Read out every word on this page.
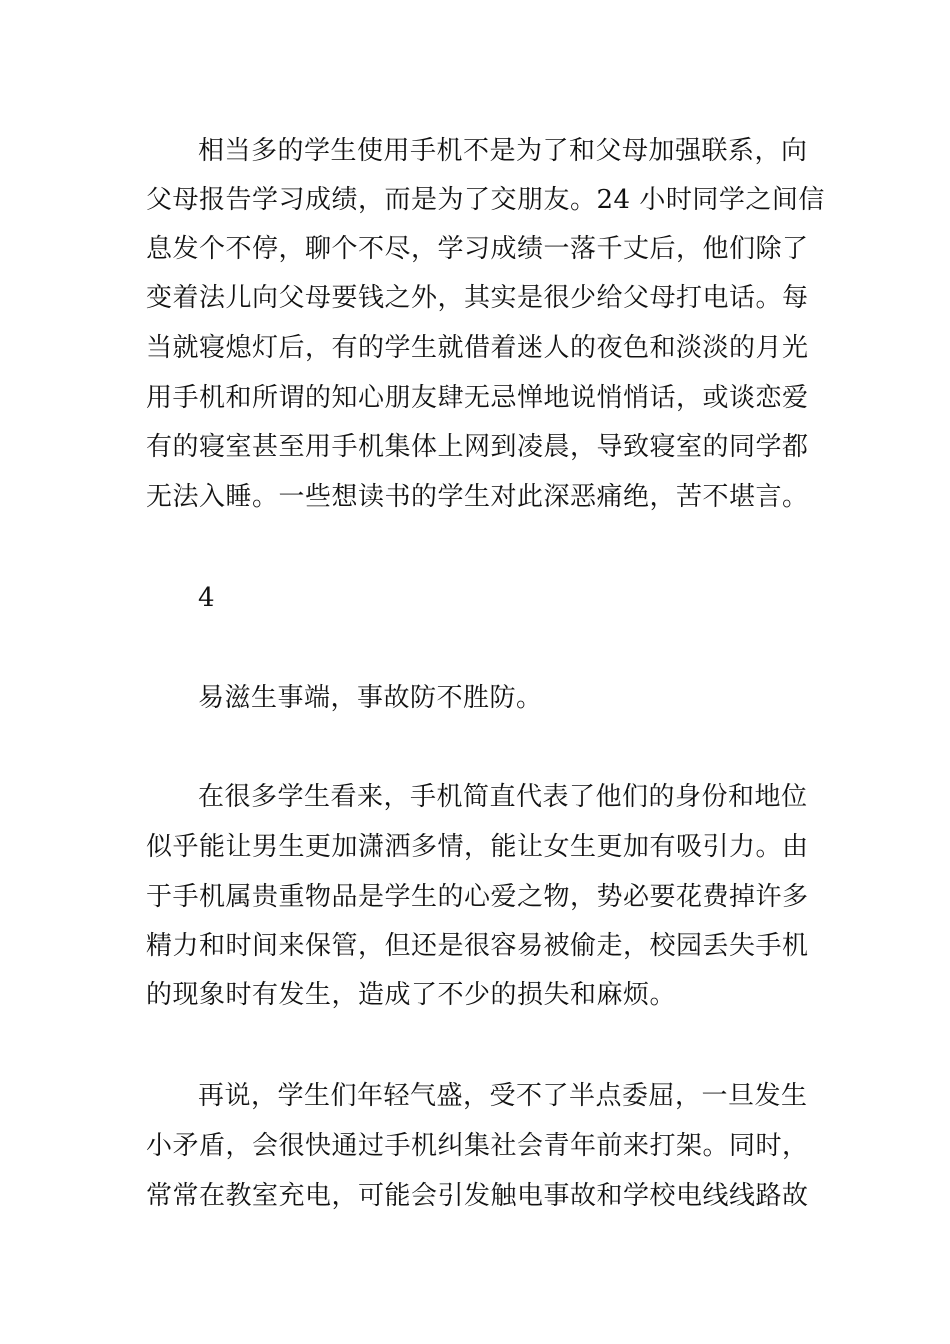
相当多的学生使用手机不是为了和父母加强联系，向
父母报告学习成绩，而是为了交朋友。24 小时同学之间信
息发个不停，聊个不尽，学习成绩一落千丈后，他们除了
变着法儿向父母要钱之外，其实是很少给父母打电话。每
当就寝熄灯后，有的学生就借着迷人的夜色和淡淡的月光
用手机和所谓的知心朋友肆无忌惮地说悄悄话，或谈恋爱
有的寝室甚至用手机集体上网到凌晨，导致寝室的同学都
无法入睡。一些想读书的学生对此深恶痛绝，苦不堪言。
4
易滋生事端，事故防不胜防。
在很多学生看来，手机简直代表了他们的身份和地位
似乎能让男生更加潇洒多情，能让女生更加有吸引力。由
于手机属贵重物品是学生的心爱之物，势必要花费掉许多
精力和时间来保管，但还是很容易被偷走，校园丢失手机
的现象时有发生，造成了不少的损失和麻烦。
再说，学生们年轻气盛，受不了半点委屈，一旦发生
小矛盾，会很快通过手机纠集社会青年前来打架。同时，
常常在教室充电，可能会引发触电事故和学校电线线路故
